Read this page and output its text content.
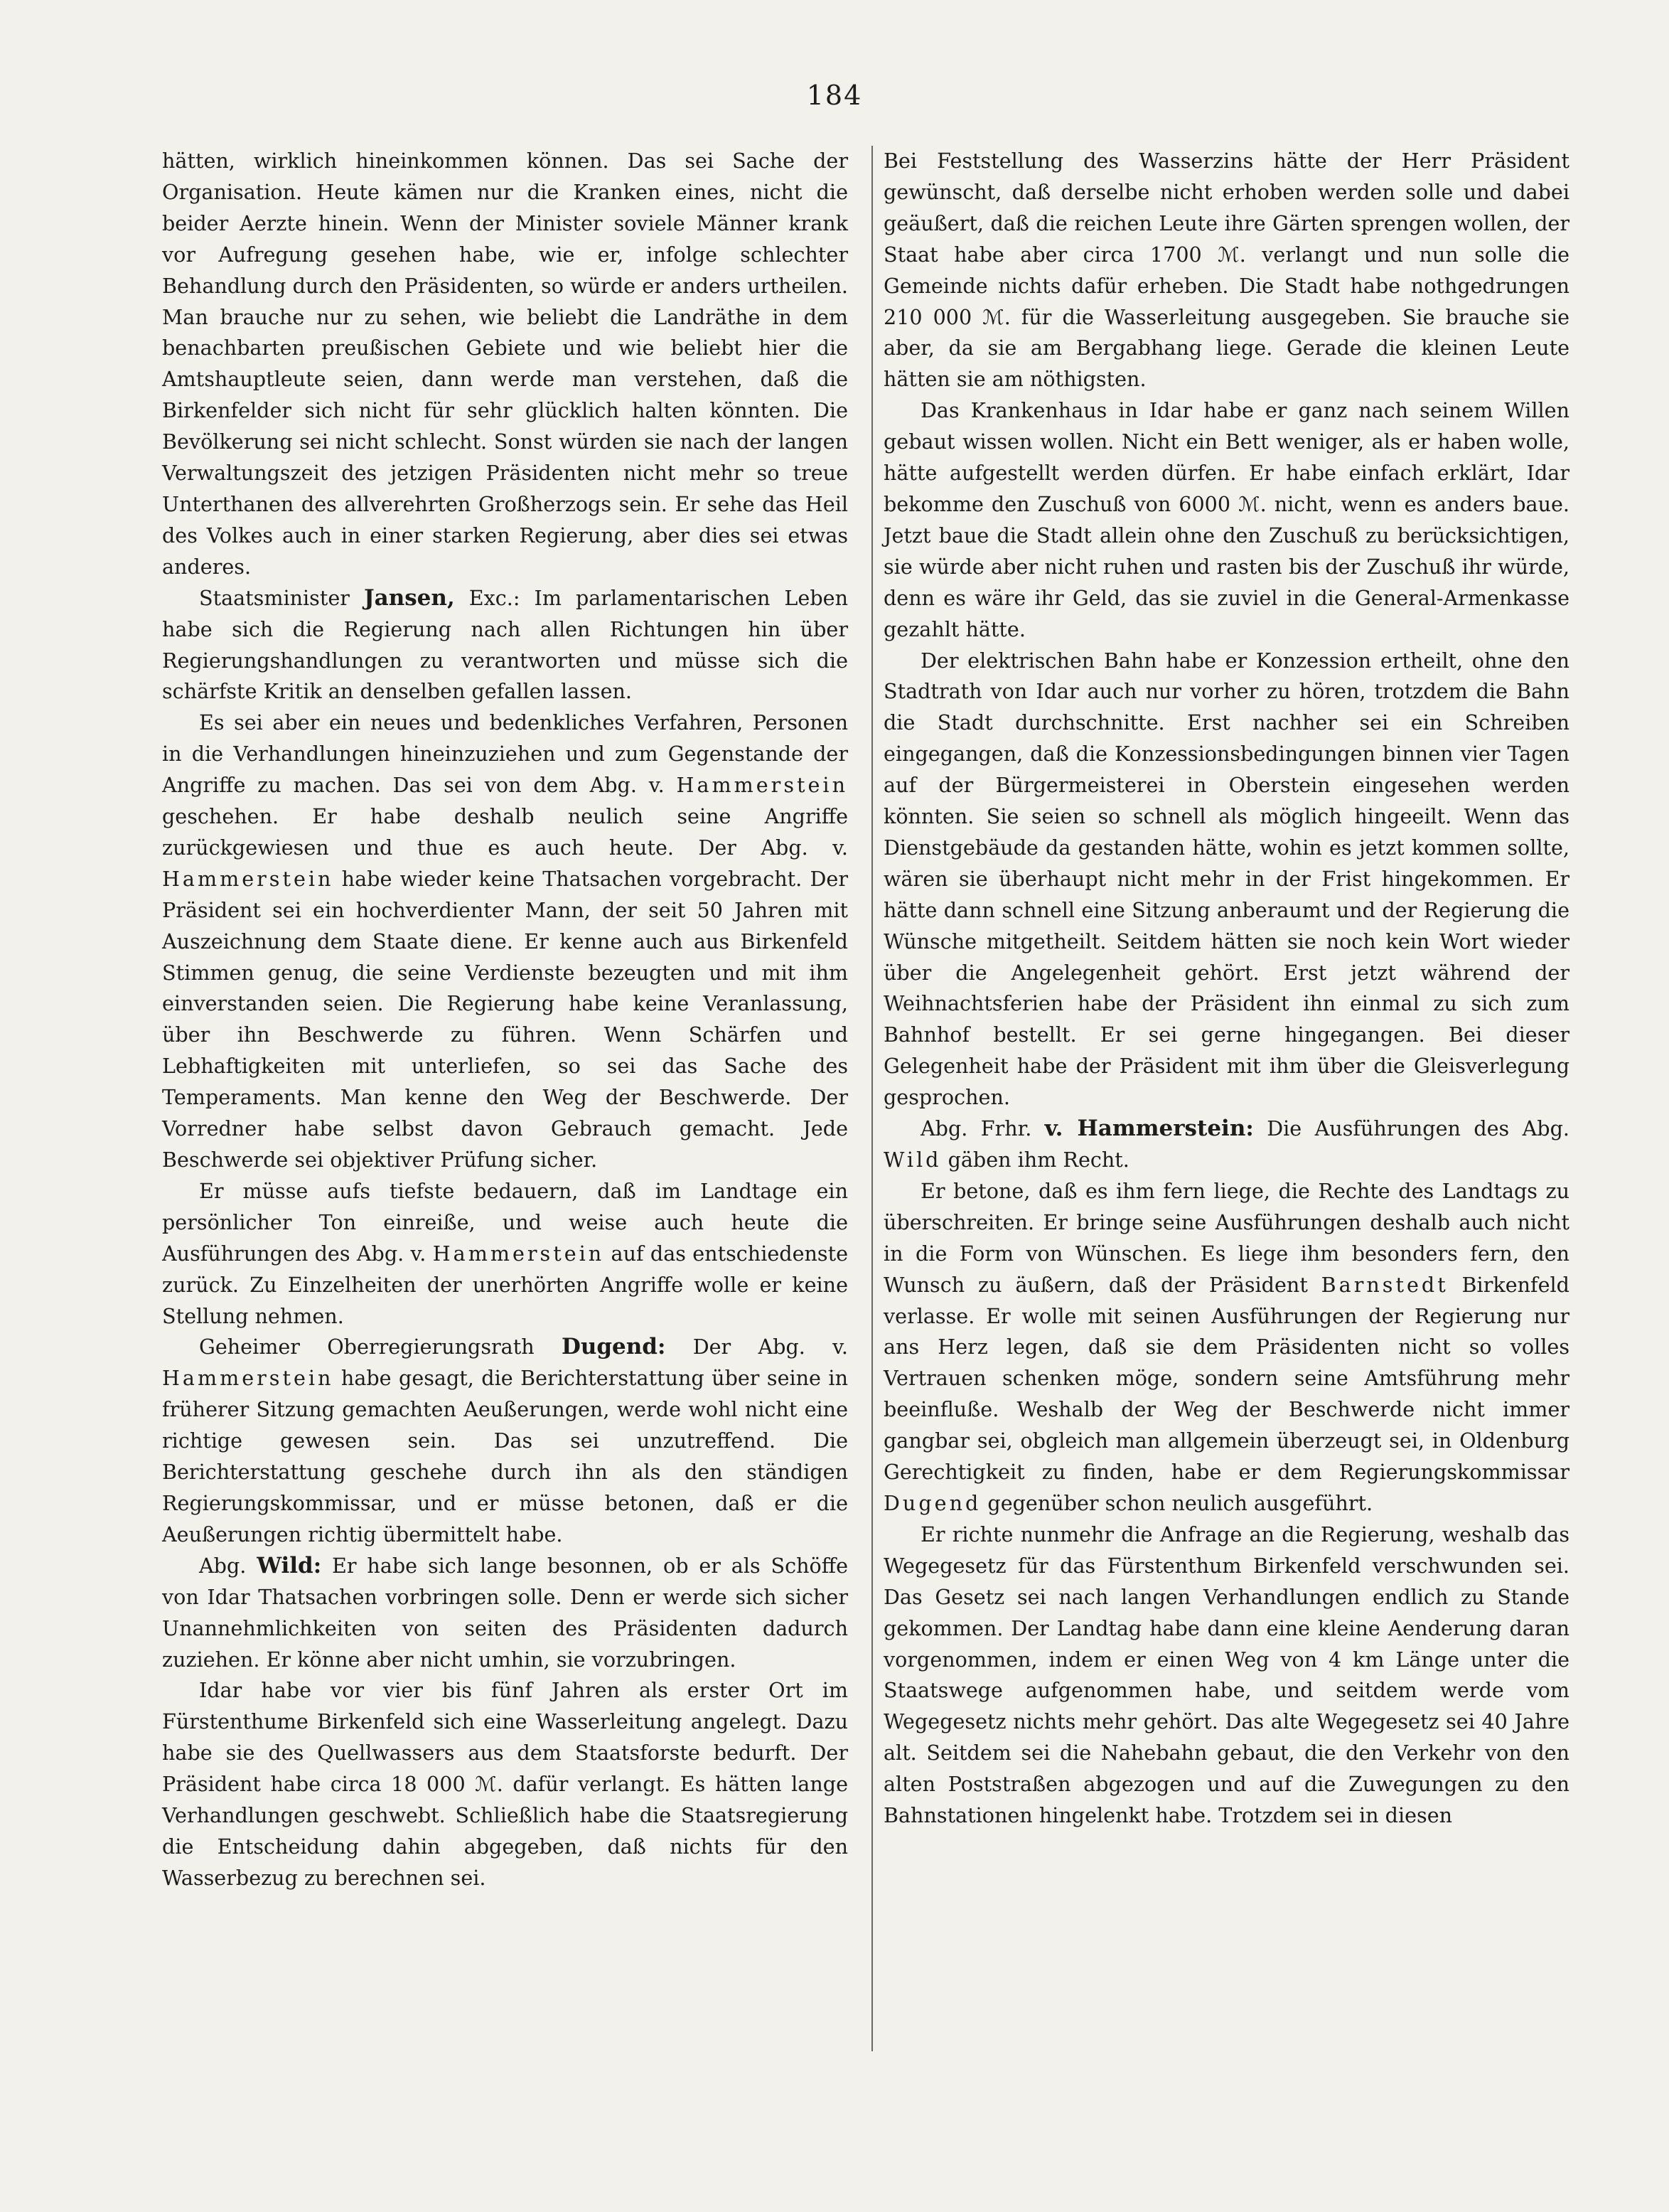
184

hätten, wirklich hineinkommen können. Das sei Sache der Organisation. Heute kämen nur die Kranken eines, nicht die beider Aerzte hinein. Wenn der Minister soviele Männer krank vor Aufregung gesehen habe, wie er, infolge schlechter Behandlung durch den Präsidenten, so würde er anders urtheilen. Man brauche nur zu sehen, wie beliebt die Landräthe in dem benachbarten preußischen Gebiete und wie beliebt hier die Amtshauptleute seien, dann werde man verstehen, daß die Birkenfelder sich nicht für sehr glücklich halten könnten. Die Bevölkerung sei nicht schlecht. Sonst würden sie nach der langen Verwaltungszeit des jetzigen Präsidenten nicht mehr so treue Unterthanen des allverehrten Großherzogs sein. Er sehe das Heil des Volkes auch in einer starken Regierung, aber dies sei etwas anderes.

Staatsminister Jansen, Exc.: Im parlamentarischen Leben habe sich die Regierung nach allen Richtungen hin über Regierungshandlungen zu verantworten und müsse sich die schärfste Kritik an denselben gefallen lassen.

Es sei aber ein neues und bedenkliches Verfahren, Personen in die Verhandlungen hineinzuziehen und zum Gegenstande der Angriffe zu machen. Das sei von dem Abg. v. Hammerstein geschehen. Er habe deshalb neulich seine Angriffe zurückgewiesen und thue es auch heute. Der Abg. v. Hammerstein habe wieder keine Thatsachen vorgebracht. Der Präsident sei ein hochverdienter Mann, der seit 50 Jahren mit Auszeichnung dem Staate diene. Er kenne auch aus Birkenfeld Stimmen genug, die seine Verdienste bezeugten und mit ihm einverstanden seien. Die Regierung habe keine Veranlassung, über ihn Beschwerde zu führen. Wenn Schärfen und Lebhaftigkeiten mit unterliefen, so sei das Sache des Temperaments. Man kenne den Weg der Beschwerde. Der Vorredner habe selbst davon Gebrauch gemacht. Jede Beschwerde sei objektiver Prüfung sicher.

Er müsse aufs tiefste bedauern, daß im Landtage ein persönlicher Ton einreiße, und weise auch heute die Ausführungen des Abg. v. Hammerstein auf das entschiedenste zurück. Zu Einzelheiten der unerhörten Angriffe wolle er keine Stellung nehmen.

Geheimer Oberregierungsrath Dugend: Der Abg. v. Hammerstein habe gesagt, die Berichterstattung über seine in früherer Sitzung gemachten Aeußerungen, werde wohl nicht eine richtige gewesen sein. Das sei unzutreffend. Die Berichterstattung geschehe durch ihn als den ständigen Regierungskommissar, und er müsse betonen, daß er die Aeußerungen richtig übermittelt habe.

Abg. Wild: Er habe sich lange besonnen, ob er als Schöffe von Idar Thatsachen vorbringen solle. Denn er werde sich sicher Unannehmlichkeiten von seiten des Präsidenten dadurch zuziehen. Er könne aber nicht umhin, sie vorzubringen.

Idar habe vor vier bis fünf Jahren als erster Ort im Fürstenthume Birkenfeld sich eine Wasserleitung angelegt. Dazu habe sie des Quellwassers aus dem Staatsforste bedurft. Der Präsident habe circa 18 000 ℳ. dafür verlangt. Es hätten lange Verhandlungen geschwebt. Schließlich habe die Staatsregierung die Entscheidung dahin abgegeben, daß nichts für den Wasserbezug zu berechnen sei.

Bei Feststellung des Wasserzins hätte der Herr Präsident gewünscht, daß derselbe nicht erhoben werden solle und dabei geäußert, daß die reichen Leute ihre Gärten sprengen wollen, der Staat habe aber circa 1700 ℳ. verlangt und nun solle die Gemeinde nichts dafür erheben. Die Stadt habe nothgedrungen 210 000 ℳ. für die Wasserleitung ausgegeben. Sie brauche sie aber, da sie am Bergabhang liege. Gerade die kleinen Leute hätten sie am nöthigsten.

Das Krankenhaus in Idar habe er ganz nach seinem Willen gebaut wissen wollen. Nicht ein Bett weniger, als er haben wolle, hätte aufgestellt werden dürfen. Er habe einfach erklärt, Idar bekomme den Zuschuß von 6000 ℳ. nicht, wenn es anders baue. Jetzt baue die Stadt allein ohne den Zuschuß zu berücksichtigen, sie würde aber nicht ruhen und rasten bis der Zuschuß ihr würde, denn es wäre ihr Geld, das sie zuviel in die General-Armenkasse gezahlt hätte.

Der elektrischen Bahn habe er Konzession ertheilt, ohne den Stadtrath von Idar auch nur vorher zu hören, trotzdem die Bahn die Stadt durchschnitte. Erst nachher sei ein Schreiben eingegangen, daß die Konzessionsbedingungen binnen vier Tagen auf der Bürgermeisterei in Oberstein eingesehen werden könnten. Sie seien so schnell als möglich hingeeilt. Wenn das Dienstgebäude da gestanden hätte, wohin es jetzt kommen sollte, wären sie überhaupt nicht mehr in der Frist hingekommen. Er hätte dann schnell eine Sitzung anberaumt und der Regierung die Wünsche mitgetheilt. Seitdem hätten sie noch kein Wort wieder über die Angelegenheit gehört. Erst jetzt während der Weihnachtsferien habe der Präsident ihn einmal zu sich zum Bahnhof bestellt. Er sei gerne hingegangen. Bei dieser Gelegenheit habe der Präsident mit ihm über die Gleisverlegung gesprochen.

Abg. Frhr. v. Hammerstein: Die Ausführungen des Abg. Wild gäben ihm Recht.

Er betone, daß es ihm fern liege, die Rechte des Landtags zu überschreiten. Er bringe seine Ausführungen deshalb auch nicht in die Form von Wünschen. Es liege ihm besonders fern, den Wunsch zu äußern, daß der Präsident Barnstedt Birkenfeld verlasse. Er wolle mit seinen Ausführungen der Regierung nur ans Herz legen, daß sie dem Präsidenten nicht so volles Vertrauen schenken möge, sondern seine Amtsführung mehr beeinfluße. Weshalb der Weg der Beschwerde nicht immer gangbar sei, obgleich man allgemein überzeugt sei, in Oldenburg Gerechtigkeit zu finden, habe er dem Regierungskommissar Dugend gegenüber schon neulich ausgeführt.

Er richte nunmehr die Anfrage an die Regierung, weshalb das Wegegesetz für das Fürstenthum Birkenfeld verschwunden sei. Das Gesetz sei nach langen Verhandlungen endlich zu Stande gekommen. Der Landtag habe dann eine kleine Aenderung daran vorgenommen, indem er einen Weg von 4 km Länge unter die Staatswege aufgenommen habe, und seitdem werde vom Wegegesetz nichts mehr gehört. Das alte Wegegesetz sei 40 Jahre alt. Seitdem sei die Nahebahn gebaut, die den Verkehr von den alten Poststraßen abgezogen und auf die Zuwegungen zu den Bahnstationen hingelenkt habe. Trotzdem sei in diesen
